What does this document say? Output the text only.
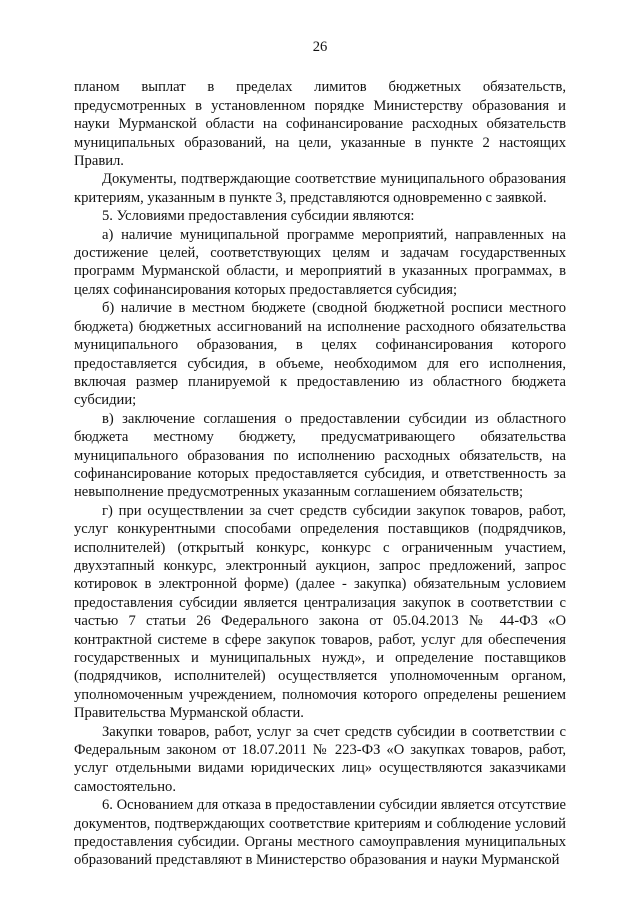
26

планом выплат в пределах лимитов бюджетных обязательств, предусмотренных в установленном порядке Министерству образования и науки Мурманской области на софинансирование расходных обязательств муниципальных образований, на цели, указанные в пункте 2 настоящих Правил.

Документы, подтверждающие соответствие муниципального образования критериям, указанным в пункте 3, представляются одновременно с заявкой.

5. Условиями предоставления субсидии являются:

а) наличие муниципальной программе мероприятий, направленных на достижение целей, соответствующих целям и задачам государственных программ Мурманской области, и мероприятий в указанных программах, в целях софинансирования которых предоставляется субсидия;

б) наличие в местном бюджете (сводной бюджетной росписи местного бюджета) бюджетных ассигнований на исполнение расходного обязательства муниципального образования, в целях софинансирования которого предоставляется субсидия, в объеме, необходимом для его исполнения, включая размер планируемой к предоставлению из областного бюджета субсидии;

в) заключение соглашения о предоставлении субсидии из областного бюджета местному бюджету, предусматривающего обязательства муниципального образования по исполнению расходных обязательств, на софинансирование которых предоставляется субсидия, и ответственность за невыполнение предусмотренных указанным соглашением обязательств;

г) при осуществлении за счет средств субсидии закупок товаров, работ, услуг конкурентными способами определения поставщиков (подрядчиков, исполнителей) (открытый конкурс, конкурс с ограниченным участием, двухэтапный конкурс, электронный аукцион, запрос предложений, запрос котировок в электронной форме) (далее - закупка) обязательным условием предоставления субсидии является централизация закупок в соответствии с частью 7 статьи 26 Федерального закона от 05.04.2013 № 44-ФЗ «О контрактной системе в сфере закупок товаров, работ, услуг для обеспечения государственных и муниципальных нужд», и определение поставщиков (подрядчиков, исполнителей) осуществляется уполномоченным органом, уполномоченным учреждением, полномочия которого определены решением Правительства Мурманской области.

Закупки товаров, работ, услуг за счет средств субсидии в соответствии с Федеральным законом от 18.07.2011 № 223-ФЗ «О закупках товаров, работ, услуг отдельными видами юридических лиц» осуществляются заказчиками самостоятельно.

6. Основанием для отказа в предоставлении субсидии является отсутствие документов, подтверждающих соответствие критериям и соблюдение условий предоставления субсидии. Органы местного самоуправления муниципальных образований представляют в Министерство образования и науки Мурманской
